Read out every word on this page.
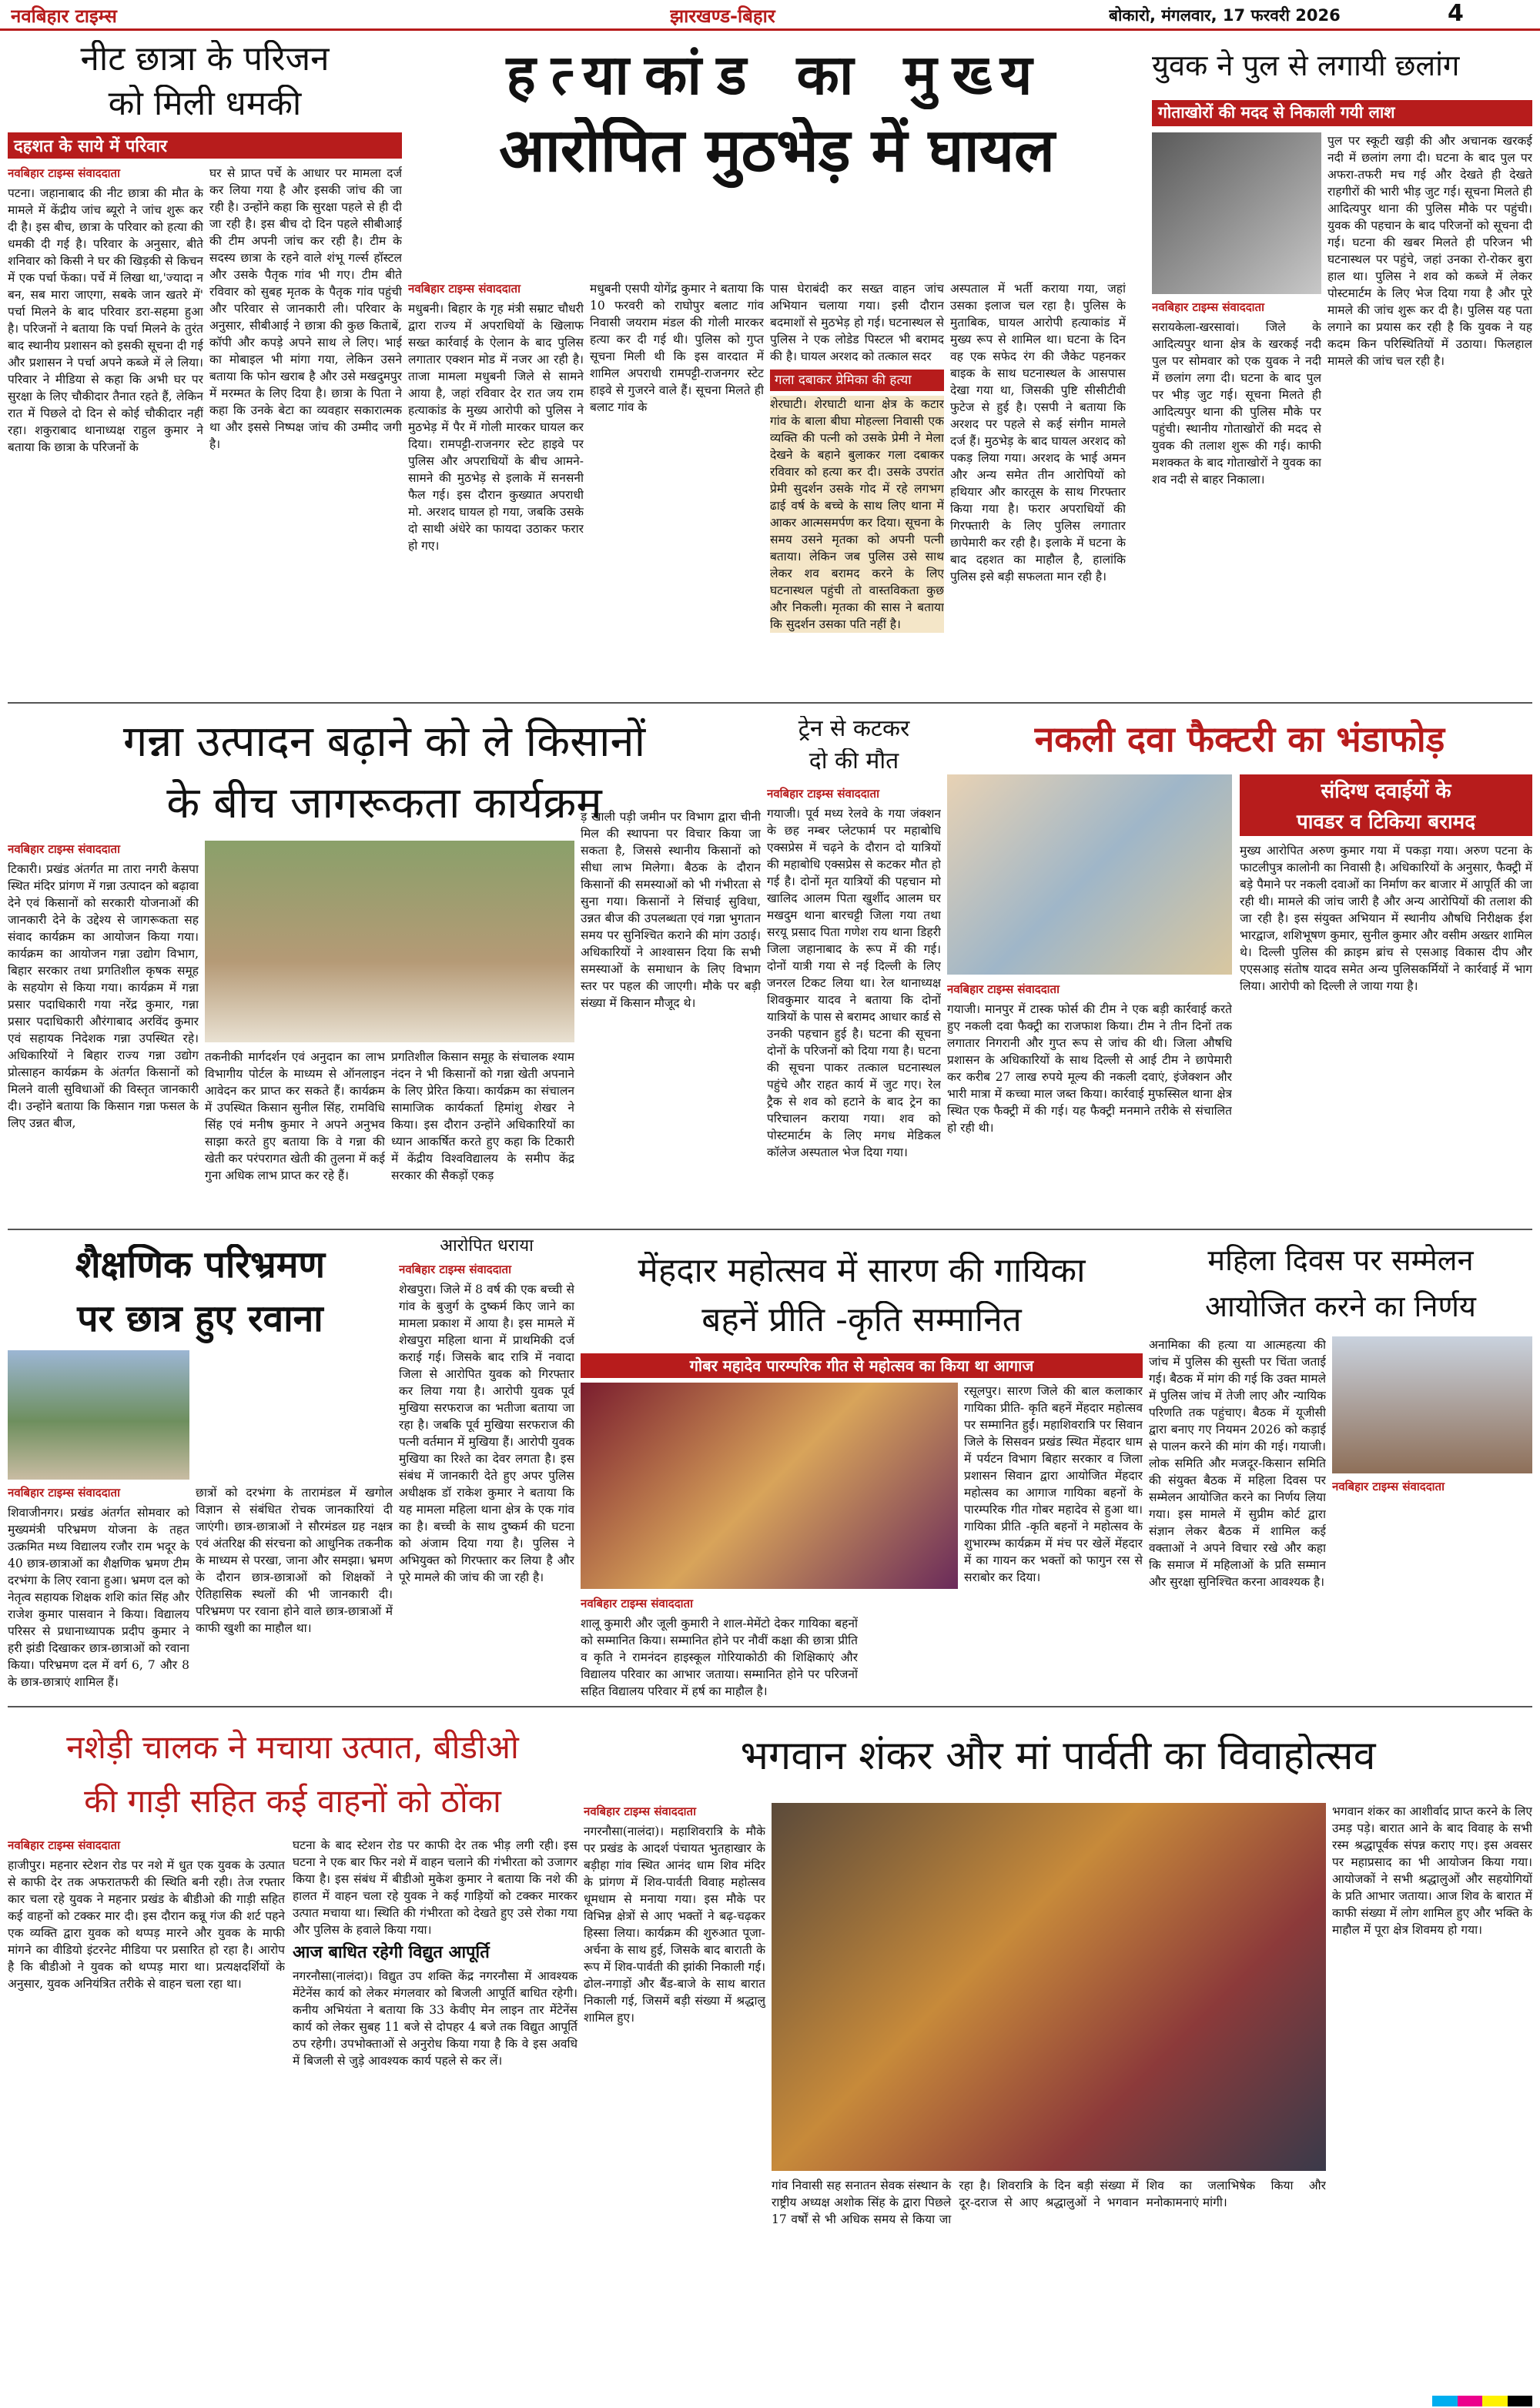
नवबिहार टाइम्स	झारखण्ड-बिहार	बोकारो, मंगलवार, 17 फरवरी 2026	4
नीट छात्रा के परिजन
को मिली धमकी
दहशत के साये में परिवार
नवबिहार टाइम्स संवाददाता

पटना। जहानाबाद की नीट छात्रा की मौत के मामले में केंद्रीय जांच ब्यूरो ने जांच शुरू कर दी है। इस बीच, छात्रा के परिवार को हत्या की धमकी दी गई है। परिवार के अनुसार, बीते शनिवार को किसी ने घर की खिड़की से किचन में एक पर्चा फेंका। पर्चे में लिखा था,'ज्यादा न बन, सब मारा जाएगा, सबके जान खतरे में' पर्चा मिलने के बाद परिवार डरा-सहमा हुआ है। परिजनों ने बताया कि पर्चा मिलने के तुरंत बाद स्थानीय प्रशासन को इसकी सूचना दी गई और प्रशासन ने पर्चा अपने कब्जे में ले लिया। परिवार ने मीडिया से कहा कि अभी घर पर सुरक्षा के लिए चौकीदार तैनात रहते हैं, लेकिन रात में पिछले दो दिन से कोई चौकीदार नहीं रहा। शकुराबाद थानाध्यक्ष राहुल कुमार ने बताया कि छात्रा के परिजनों के

घर से प्राप्त पर्चे के आधार पर मामला दर्ज कर लिया गया है और इसकी जांच की जा रही है। उन्होंने कहा कि सुरक्षा पहले से ही दी जा रही है। इस बीच दो दिन पहले सीबीआई की टीम अपनी जांच कर रही है। टीम के सदस्य छात्रा के रहने वाले शंभू गर्ल्स हॉस्टल और उसके पैतृक गांव भी गए। टीम बीते रविवार को सुबह मृतक के पैतृक गांव पहुंची और परिवार से जानकारी ली। परिवार के अनुसार, सीबीआई ने छात्रा की कुछ किताबें, कॉपी और कपड़े अपने साथ ले लिए। भाई का मोबाइल भी मांगा गया, लेकिन उसने बताया कि फोन खराब है और उसे मखदुमपुर में मरम्मत के लिए दिया है। छात्रा के पिता ने कहा कि उनके बेटा का व्यवहार सकारात्मक था और इससे निष्पक्ष जांच की उम्मीद जगी है।

हत्याकांड का मुख्य
आरोपित मुठभेड़ में घायल
नवबिहार टाइम्स संवाददाता

मधुबनी। बिहार के गृह मंत्री सम्राट चौधरी द्वारा राज्य में अपराधियों के खिलाफ सख्त कार्रवाई के ऐलान के बाद पुलिस लगातार एक्शन मोड में नजर आ रही है। ताजा मामला मधुबनी जिले से सामने आया है, जहां रविवार देर रात जय राम हत्याकांड के मुख्य आरोपी को पुलिस ने मुठभेड़ में पैर में गोली मारकर घायल कर दिया। रामपट्टी-राजनगर स्टेट हाइवे पर पुलिस और अपराधियों के बीच आमने-सामने की मुठभेड़ से इलाके में सनसनी फैल गई। इस दौरान कुख्यात अपराधी मो. अरशद घायल हो गया, जबकि उसके दो साथी अंधेरे का फायदा उठाकर फरार हो गए।

मधुबनी एसपी योगेंद्र कुमार ने बताया कि 10 फरवरी को राघोपुर बलाट गांव निवासी जयराम मंडल की गोली मारकर हत्या कर दी गई थी। पुलिस को गुप्त सूचना मिली थी कि इस वारदात में शामिल अपराधी रामपट्टी-राजनगर स्टेट हाइवे से गुजरने वाले हैं। सूचना मिलते ही बलाट गांव के

पास घेराबंदी कर सख्त वाहन जांच अभियान चलाया गया। इसी दौरान बदमाशों से मुठभेड़ हो गई। घटनास्थल से पुलिस ने एक लोडेड पिस्टल भी बरामद की है। घायल अरशद को तत्काल सदर

गला दबाकर प्रेमिका की हत्या

शेरघाटी। शेरघाटी थाना क्षेत्र के कटार गांव के बाला बीघा मोहल्ला निवासी एक व्यक्ति की पत्नी को उसके प्रेमी ने मेला देखने के बहाने बुलाकर गला दबाकर रविवार को हत्या कर दी। उसके उपरांत प्रेमी सुदर्शन उसके गोद में रहे लगभग ढाई वर्ष के बच्चे के साथ लिए थाना में आकर आत्मसमर्पण कर दिया। सूचना के समय उसने मृतका को अपनी पत्नी बताया। लेकिन जब पुलिस उसे साथ लेकर शव बरामद करने के लिए घटनास्थल पहुंची तो वास्तविकता कुछ और निकली। मृतका की सास ने बताया कि सुदर्शन उसका पति नहीं है।

अस्पताल में भर्ती कराया गया, जहां उसका इलाज चल रहा है। पुलिस के मुताबिक, घायल आरोपी हत्याकांड में मुख्य रूप से शामिल था। घटना के दिन वह एक सफेद रंग की जैकेट पहनकर बाइक के साथ घटनास्थल के आसपास देखा गया था, जिसकी पुष्टि सीसीटीवी फुटेज से हुई है। एसपी ने बताया कि अरशद पर पहले से कई संगीन मामले दर्ज हैं। मुठभेड़ के बाद घायल अरशद को पकड़ लिया गया। अरशद के भाई अमन और अन्य समेत तीन आरोपियों को हथियार और कारतूस के साथ गिरफ्तार किया गया है। फरार अपराधियों की गिरफ्तारी के लिए पुलिस लगातार छापेमारी कर रही है। इलाके में घटना के बाद दहशत का माहौल है, हालांकि पुलिस इसे बड़ी सफलता मान रही है।

युवक ने पुल से लगायी छलांग
गोताखोरों की मदद से निकाली गयी लाश
नवबिहार टाइम्स संवाददाता

सरायकेला-खरसावां। जिले के आदित्यपुर थाना क्षेत्र के खरकई नदी पुल पर सोमवार को एक युवक ने नदी में छलांग लगा दी। घटना के बाद पुल पर भीड़ जुट गई। सूचना मिलते ही आदित्यपुर थाना की पुलिस मौके पर पहुंची। स्थानीय गोताखोरों की मदद से युवक की तलाश शुरू की गई। काफी मशक्कत के बाद गोताखोरों ने युवक का शव नदी से बाहर निकाला।

पुल पर स्कूटी खड़ी की और अचानक खरकई नदी में छलांग लगा दी। घटना के बाद पुल पर अफरा-तफरी मच गई और देखते ही देखते राहगीरों की भारी भीड़ जुट गई। सूचना मिलते ही आदित्यपुर थाना की पुलिस मौके पर पहुंची। युवक की पहचान के बाद परिजनों को सूचना दी गई। घटना की खबर मिलते ही परिजन भी घटनास्थल पर पहुंचे, जहां उनका रो-रोकर बुरा हाल था। पुलिस ने शव को कब्जे में लेकर पोस्टमार्टम के लिए भेज दिया गया है और पूरे मामले की जांच शुरू कर दी है। पुलिस यह पता लगाने का प्रयास कर रही है कि युवक ने यह कदम किन परिस्थितियों में उठाया। फिलहाल मामले की जांच चल रही है।

गन्ना उत्पादन बढ़ाने को ले किसानों
के बीच जागरूकता कार्यक्रम
नवबिहार टाइम्स संवाददाता

टिकारी। प्रखंड अंतर्गत मा तारा नगरी केसपा स्थित मंदिर प्रांगण में गन्ना उत्पादन को बढ़ावा देने एवं किसानों को सरकारी योजनाओं की जानकारी देने के उद्देश्य से जागरूकता सह संवाद कार्यक्रम का आयोजन किया गया। कार्यक्रम का आयोजन गन्ना उद्योग विभाग, बिहार सरकार तथा प्रगतिशील कृषक समूह के सहयोग से किया गया। कार्यक्रम में गन्ना प्रसार पदाधिकारी गया नरेंद्र कुमार, गन्ना प्रसार पदाधिकारी औरंगाबाद अरविंद कुमार एवं सहायक निदेशक गन्ना उपस्थित रहे। अधिकारियों ने बिहार राज्य गन्ना उद्योग प्रोत्साहन कार्यक्रम के अंतर्गत किसानों को मिलने वाली सुविधाओं की विस्तृत जानकारी दी। उन्होंने बताया कि किसान गन्ना फसल के लिए उन्नत बीज,

तकनीकी मार्गदर्शन एवं अनुदान का लाभ विभागीय पोर्टल के माध्यम से ऑनलाइन आवेदन कर प्राप्त कर सकते हैं। कार्यक्रम में उपस्थित किसान सुनील सिंह, रामविधि सिंह एवं मनीष कुमार ने अपने अनुभव साझा करते हुए बताया कि वे गन्ना की खेती कर परंपरागत खेती की तुलना में कई गुना अधिक लाभ प्राप्त कर रहे हैं।

प्रगतिशील किसान समूह के संचालक श्याम नंदन ने भी किसानों को गन्ना खेती अपनाने के लिए प्रेरित किया। कार्यक्रम का संचालन सामाजिक कार्यकर्ता हिमांशु शेखर ने किया। इस दौरान उन्होंने अधिकारियों का ध्यान आकर्षित करते हुए कहा कि टिकारी में केंद्रीय विश्वविद्यालय के समीप केंद्र सरकार की सैकड़ों एकड़

ड़ खाली पड़ी जमीन पर विभाग द्वारा चीनी मिल की स्थापना पर विचार किया जा सकता है, जिससे स्थानीय किसानों को सीधा लाभ मिलेगा। बैठक के दौरान किसानों की समस्याओं को भी गंभीरता से सुना गया। किसानों ने सिंचाई सुविधा, उन्नत बीज की उपलब्धता एवं गन्ना भुगतान समय पर सुनिश्चित कराने की मांग उठाई। अधिकारियों ने आश्वासन दिया कि सभी समस्याओं के समाधान के लिए विभाग स्तर पर पहल की जाएगी। मौके पर बड़ी संख्या में किसान मौजूद थे।

ट्रेन से कटकर
दो की मौत
नवबिहार टाइम्स संवाददाता

गयाजी। पूर्व मध्य रेलवे के गया जंक्शन के छह नम्बर प्लेटफार्म पर महाबोधि एक्सप्रेस में चढ़ने के दौरान दो यात्रियों की महाबोधि एक्सप्रेस से कटकर मौत हो गई है। दोनों मृत यात्रियों की पहचान मो खालिद आलम पिता खुर्शीद आलम घर मखदुम थाना बारचट्टी जिला गया तथा सरयू प्रसाद पिता गणेश राय थाना डिहरी जिला जहानाबाद के रूप में की गई। दोनों यात्री गया से नई दिल्ली के लिए जनरल टिकट लिया था। रेल थानाध्यक्ष शिवकुमार यादव ने बताया कि दोनों यात्रियों के पास से बरामद आधार कार्ड से उनकी पहचान हुई है। घटना की सूचना दोनों के परिजनों को दिया गया है। घटना की सूचना पाकर तत्काल घटनास्थल पहुंचे और राहत कार्य में जुट गए। रेल ट्रैक से शव को हटाने के बाद ट्रेन का परिचालन कराया गया। शव को पोस्टमार्टम के लिए मगध मेडिकल कॉलेज अस्पताल भेज दिया गया।

नकली दवा फैक्टरी का भंडाफोड़
संदिग्ध दवाईयों के
पावडर व टिकिया बरामद
नवबिहार टाइम्स संवाददाता

गयाजी। मानपुर में टास्क फोर्स की टीम ने एक बड़ी कार्रवाई करते हुए नकली दवा फैक्ट्री का राजफाश किया। टीम ने तीन दिनों तक लगातार निगरानी और गुप्त रूप से जांच की थी। जिला औषधि प्रशासन के अधिकारियों के साथ दिल्ली से आई टीम ने छापेमारी कर करीब 27 लाख रुपये मूल्य की नकली दवाएं, इंजेक्शन और भारी मात्रा में कच्चा माल जब्त किया। कार्रवाई मुफस्सिल थाना क्षेत्र स्थित एक फैक्ट्री में की गई। यह फैक्ट्री मनमाने तरीके से संचालित हो रही थी।

मुख्य आरोपित अरुण कुमार गया में पकड़ा गया। अरुण पटना के फाटलीपुत्र कालोनी का निवासी है। अधिकारियों के अनुसार, फैक्ट्री में बड़े पैमाने पर नकली दवाओं का निर्माण कर बाजार में आपूर्ति की जा रही थी। मामले की जांच जारी है और अन्य आरोपियों की तलाश की जा रही है। इस संयुक्त अभियान में स्थानीय औषधि निरीक्षक ईश भारद्वाज, शशिभूषण कुमार, सुनील कुमार और वसीम अख्तर शामिल थे। दिल्ली पुलिस की क्राइम ब्रांच से एसआइ विकास दीप और एएसआइ संतोष यादव समेत अन्य पुलिसकर्मियों ने कार्रवाई में भाग लिया। आरोपी को दिल्ली ले जाया गया है।

शैक्षणिक परिभ्रमण
पर छात्र हुए रवाना
नवबिहार टाइम्स संवाददाता

शिवाजीनगर। प्रखंड अंतर्गत सोमवार को मुख्यमंत्री परिभ्रमण योजना के तहत उत्क्रमित मध्य विद्यालय रजौर राम भदूर के 40 छात्र-छात्राओं का शैक्षणिक भ्रमण टीम दरभंगा के लिए रवाना हुआ। भ्रमण दल को नेतृत्व सहायक शिक्षक शशि कांत सिंह और राजेश कुमार पासवान ने किया। विद्यालय परिसर से प्रधानाध्यापक प्रदीप कुमार ने हरी झंडी दिखाकर छात्र-छात्राओं को रवाना किया। परिभ्रमण दल में वर्ग 6, 7 और 8 के छात्र-छात्राएं शामिल हैं।

छात्रों को दरभंगा के तारामंडल में खगोल विज्ञान से संबंधित रोचक जानकारियां दी जाएंगी। छात्र-छात्राओं ने सौरमंडल ग्रह नक्षत्र एवं अंतरिक्ष की संरचना को आधुनिक तकनीक के माध्यम से परखा, जाना और समझा। भ्रमण के दौरान छात्र-छात्राओं को शिक्षकों ने ऐतिहासिक स्थलों की भी जानकारी दी। परिभ्रमण पर रवाना होने वाले छात्र-छात्राओं में काफी खुशी का माहौल था।

आरोपित धराया
नवबिहार टाइम्स संवाददाता

शेखपुरा। जिले में 8 वर्ष की एक बच्ची से गांव के बुजुर्ग के दुष्कर्म किए जाने का मामला प्रकाश में आया है। इस मामले में शेखपुरा महिला थाना में प्राथमिकी दर्ज कराई गई। जिसके बाद रात्रि में नवादा जिला से आरोपित युवक को गिरफ्तार कर लिया गया है। आरोपी युवक पूर्व मुखिया सरफराज का भतीजा बताया जा रहा है। जबकि पूर्व मुखिया सरफराज की पत्नी वर्तमान में मुखिया हैं। आरोपी युवक मुखिया का रिश्ते का देवर लगता है। इस संबंध में जानकारी देते हुए अपर पुलिस अधीक्षक डॉ राकेश कुमार ने बताया कि यह मामला महिला थाना क्षेत्र के एक गांव का है। बच्ची के साथ दुष्कर्म की घटना को अंजाम दिया गया है। पुलिस ने अभियुक्त को गिरफ्तार कर लिया है और पूरे मामले की जांच की जा रही है।

मेंहदार महोत्सव में सारण की गायिका
बहनें प्रीति -कृति सम्मानित
गोबर महादेव पारम्परिक गीत से महोत्सव का किया था आगाज

रसूलपुर। सारण जिले की बाल कलाकार गायिका प्रीति- कृति बहनें मेंहदार महोत्सव पर सम्मानित हुईं। महाशिवरात्रि पर सिवान जिले के सिसवन प्रखंड स्थित मेंहदार धाम में पर्यटन विभाग बिहार सरकार व जिला प्रशासन सिवान द्वारा आयोजित मेंहदार महोत्सव का आगाज गायिका बहनों के पारम्परिक गीत गोबर महादेव से हुआ था। गायिका प्रीति -कृति बहनों ने महोत्सव के शुभारम्भ कार्यक्रम में मंच पर खेलें मेंहदार में का गायन कर भक्तों को फागुन रस से सराबोर कर दिया।

नवबिहार टाइम्स संवाददाता

शालू कुमारी और जूली कुमारी ने शाल-मेमेंटो देकर गायिका बहनों को सम्मानित किया। सम्मानित होने पर नौवीं कक्षा की छात्रा प्रीति व कृति ने रामनंदन हाइस्कूल गोरियाकोठी की शिक्षिकाएं और विद्यालय परिवार का आभार जताया। सम्मानित होने पर परिजनों सहित विद्यालय परिवार में हर्ष का माहौल है।

महिला दिवस पर सम्मेलन
आयोजित करने का निर्णय

अनामिका की हत्या या आत्महत्या की जांच में पुलिस की सुस्ती पर चिंता जताई गई। बैठक में मांग की गई कि उक्त मामले में पुलिस जांच में तेजी लाए और न्यायिक परिणति तक पहुंचाए। बैठक में यूजीसी द्वारा बनाए गए नियमन 2026 को कड़ाई से पालन करने की मांग की गई। गयाजी। लोक समिति और मजदूर-किसान समिति की संयुक्त बैठक में महिला दिवस पर सम्मेलन आयोजित करने का निर्णय लिया गया। इस मामले में सुप्रीम कोर्ट द्वारा संज्ञान लेकर बैठक में शामिल कई वक्ताओं ने अपने विचार रखे और कहा कि समाज में महिलाओं के प्रति सम्मान और सुरक्षा सुनिश्चित करना आवश्यक है।

नवबिहार टाइम्स संवाददाता
नशेड़ी चालक ने मचाया उत्पात, बीडीओ
की गाड़ी सहित कई वाहनों को ठोंका
नवबिहार टाइम्स संवाददाता

हाजीपुर। महनार स्टेशन रोड पर नशे में धुत एक युवक के उत्पात से काफी देर तक अफरातफरी की स्थिति बनी रही। तेज रफ्तार कार चला रहे युवक ने महनार प्रखंड के बीडीओ की गाड़ी सहित कई वाहनों को टक्कर मार दी। इस दौरान कन्नू गंज की शर्ट पहने एक व्यक्ति द्वारा युवक को थप्पड़ मारने और युवक के माफी मांगने का वीडियो इंटरनेट मीडिया पर प्रसारित हो रहा है। आरोप है कि बीडीओ ने युवक को थप्पड़ मारा था। प्रत्यक्षदर्शियों के अनुसार, युवक अनियंत्रित तरीके से वाहन चला रहा था।

घटना के बाद स्टेशन रोड पर काफी देर तक भीड़ लगी रही। इस घटना ने एक बार फिर नशे में वाहन चलाने की गंभीरता को उजागर किया है। इस संबंध में बीडीओ मुकेश कुमार ने बताया कि नशे की हालत में वाहन चला रहे युवक ने कई गाड़ियों को टक्कर मारकर उत्पात मचाया था। स्थिति की गंभीरता को देखते हुए उसे रोका गया और पुलिस के हवाले किया गया।

आज बाधित रहेगी विद्युत आपूर्ति

नगरनौसा(नालंदा)। विद्युत उप शक्ति केंद्र नगरनौसा में आवश्यक मेंटेनेंस कार्य को लेकर मंगलवार को बिजली आपूर्ति बाधित रहेगी। कनीय अभियंता ने बताया कि 33 केवीए मेन लाइन तार मेंटेनेंस कार्य को लेकर सुबह 11 बजे से दोपहर 4 बजे तक विद्युत आपूर्ति ठप रहेगी। उपभोक्ताओं से अनुरोध किया गया है कि वे इस अवधि में बिजली से जुड़े आवश्यक कार्य पहले से कर लें।

भगवान शंकर और मां पार्वती का विवाहोत्सव
नवबिहार टाइम्स संवाददाता

नगरनौसा(नालंदा)। महाशिवरात्रि के मौके पर प्रखंड के आदर्श पंचायत भुतहाखार के बड़ीहा गांव स्थित आनंद धाम शिव मंदिर के प्रांगण में शिव-पार्वती विवाह महोत्सव धूमधाम से मनाया गया। इस मौके पर विभिन्न क्षेत्रों से आए भक्तों ने बढ़-चढ़कर हिस्सा लिया। कार्यक्रम की शुरुआत पूजा-अर्चना के साथ हुई, जिसके बाद बाराती के रूप में शिव-पार्वती की झांकी निकाली गई। ढोल-नगाड़ों और बैंड-बाजे के साथ बारात निकाली गई, जिसमें बड़ी संख्या में श्रद्धालु शामिल हुए।

गांव निवासी सह सनातन सेवक संस्थान के राष्ट्रीय अध्यक्ष अशोक सिंह के द्वारा पिछले 17 वर्षों से भी अधिक समय से किया जा रहा है। शिवरात्रि के दिन बड़ी संख्या में दूर-दराज से आए श्रद्धालुओं ने भगवान शिव का जलाभिषेक किया और मनोकामनाएं मांगी।

भगवान शंकर का आशीर्वाद प्राप्त करने के लिए उमड़ पड़े। बारात आने के बाद विवाह के सभी रस्म श्रद्धापूर्वक संपन्न कराए गए। इस अवसर पर महाप्रसाद का भी आयोजन किया गया। आयोजकों ने सभी श्रद्धालुओं और सहयोगियों के प्रति आभार जताया। आज शिव के बारात में काफी संख्या में लोग शामिल हुए और भक्ति के माहौल में पूरा क्षेत्र शिवमय हो गया।
